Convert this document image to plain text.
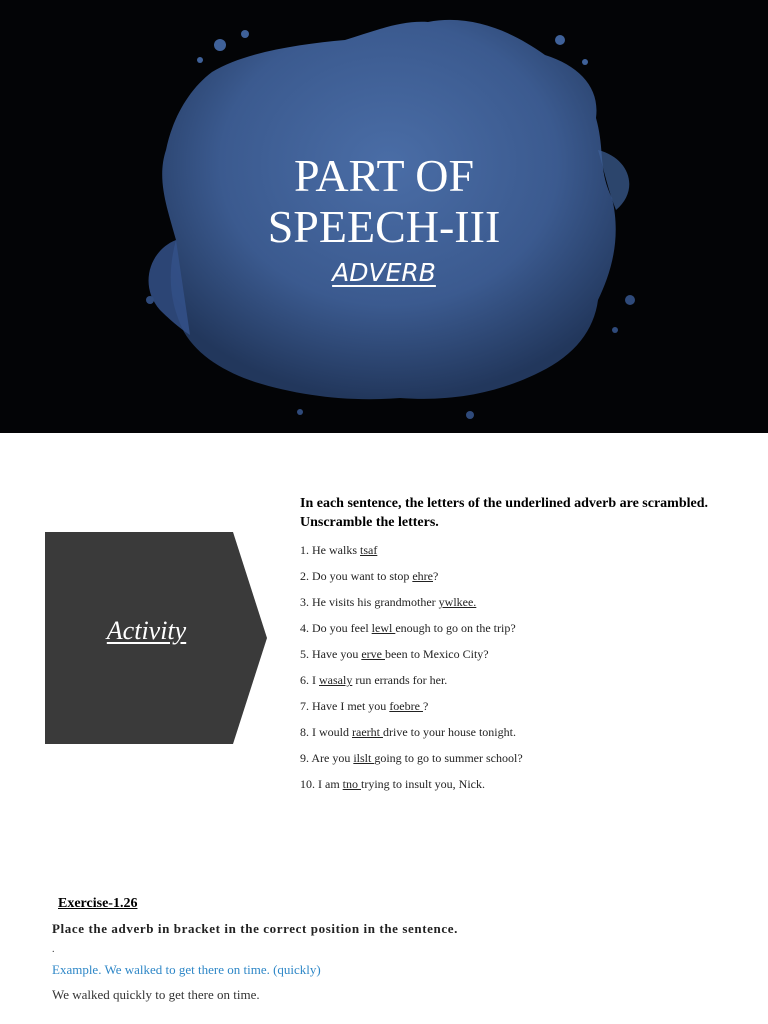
PART OF
SPEECH-III
ADVERB
Activity
In each sentence, the letters of the underlined adverb are scrambled. Unscramble the letters.
1. He walks tsaf
2. Do you want to stop ehre?
3. He visits his grandmother ywlkee.
4. Do you feel lewl enough to go on the trip?
5. Have you erve been to Mexico City?
6. I wasaly run errands for her.
7. Have I met you foebre ?
8. I would raerht drive to your house tonight.
9. Are you ilslt going to go to summer school?
10. I am tno trying to insult you, Nick.
Exercise-1.26
Place the adverb in bracket in the correct position in the sentence.
.
Example. We walked to get there on time. (quickly)
We walked quickly to get there on time.
